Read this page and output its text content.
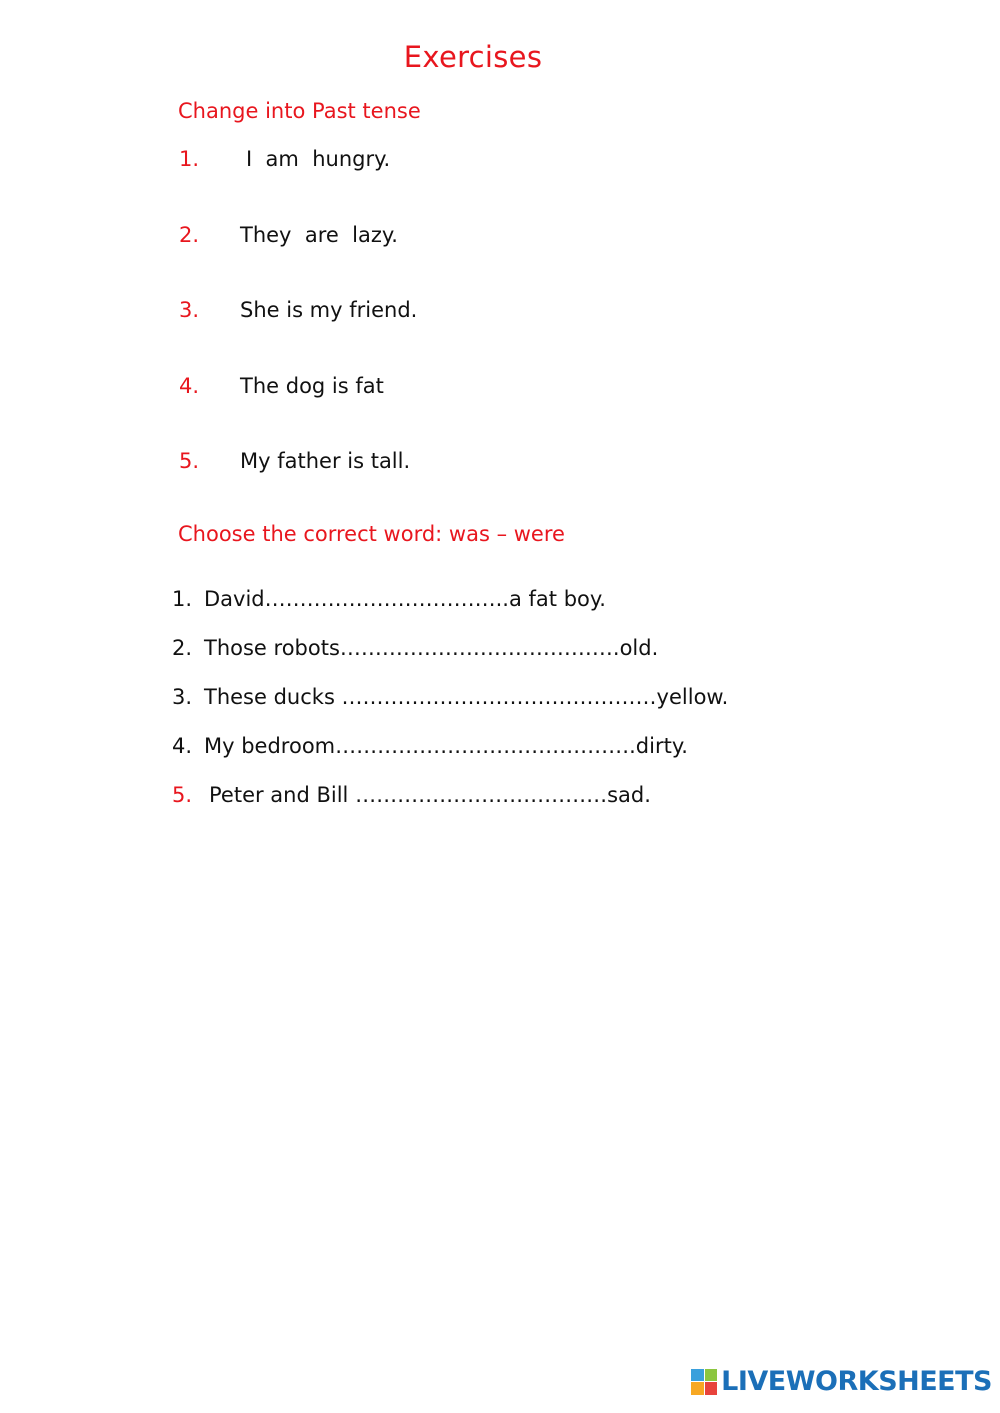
Exercises
Change into Past tense
1. I  am  hungry.
2. They  are  lazy.
3. She is my friend.
4. The dog is fat
5. My father is tall.
Choose the correct word: was – were
1. David……………………………..a fat boy.
2. Those robots………………………………….old.
3. These ducks ………………………………………yellow.
4. My bedroom…………………………………….dirty.
5. Peter and Bill ………………………………sad.
LIVEWORKSHEETS
